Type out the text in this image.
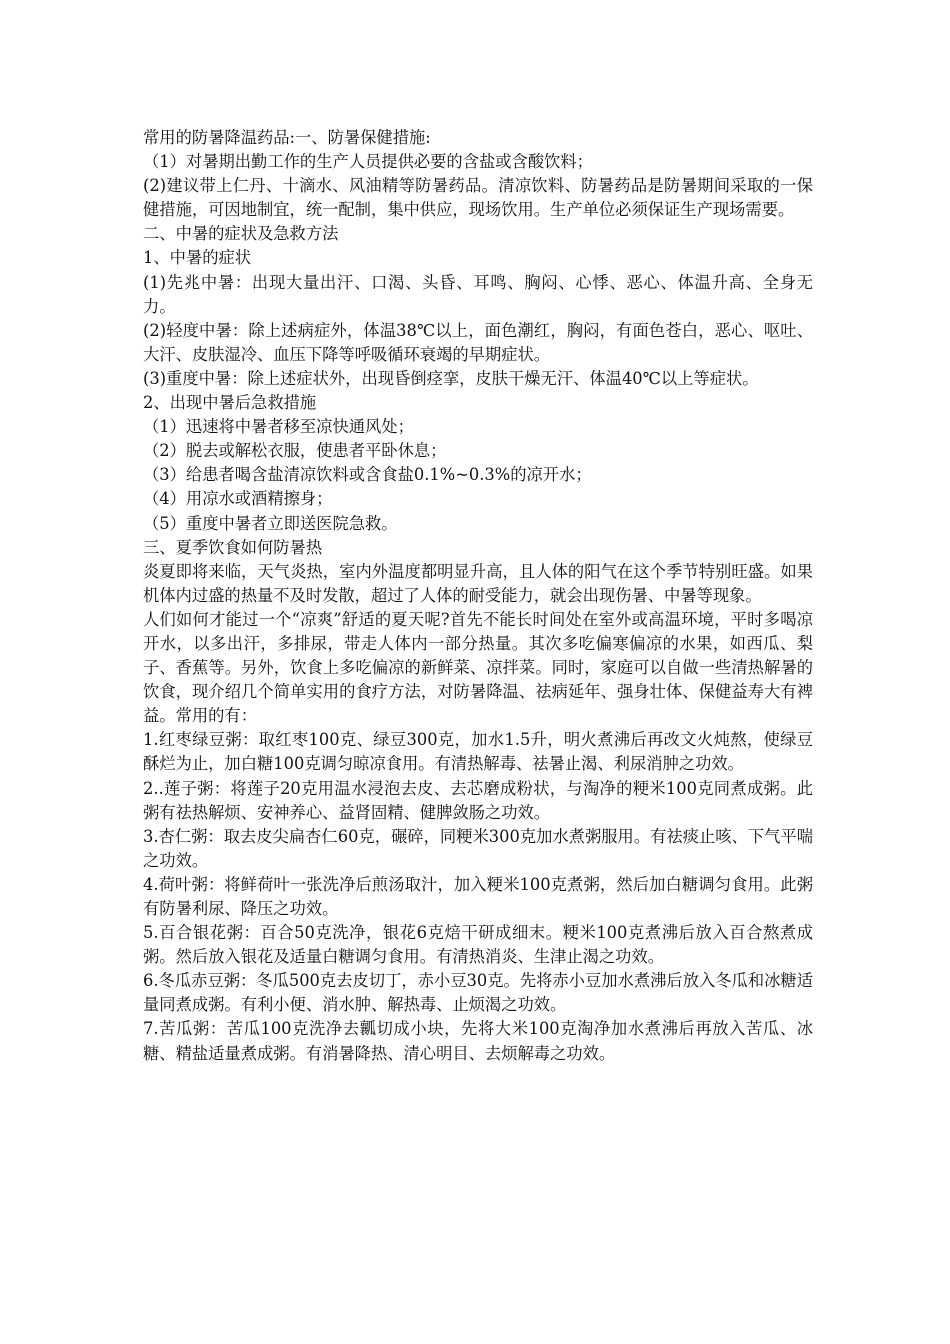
常用的防暑降温药品:一、防暑保健措施:

（1）对暑期出勤工作的生产人员提供必要的含盐或含酸饮料；

(2)建议带上仁丹、十滴水、风油精等防暑药品。清凉饮料、防暑药品是防暑期间采取的一保健措施，可因地制宜，统一配制，集中供应，现场饮用。生产单位必须保证生产现场需要。

二、中暑的症状及急救方法

1、中暑的症状

(1)先兆中暑：出现大量出汗、口渴、头昏、耳鸣、胸闷、心悸、恶心、体温升高、全身无力。

(2)轻度中暑：除上述病症外，体温38℃以上，面色潮红，胸闷，有面色苍白，恶心、呕吐、大汗、皮肤湿冷、血压下降等呼吸循环衰竭的早期症状。

(3)重度中暑：除上述症状外，出现昏倒痉挛，皮肤干燥无汗、体温40℃以上等症状。

2、出现中暑后急救措施

（1）迅速将中暑者移至凉快通风处；

（2）脱去或解松衣服，使患者平卧休息；

（3）给患者喝含盐清凉饮料或含食盐0.1%~0.3%的凉开水；

（4）用凉水或酒精擦身；

（5）重度中暑者立即送医院急救。

三、夏季饮食如何防暑热

炎夏即将来临，天气炎热，室内外温度都明显升高，且人体的阳气在这个季节特别旺盛。如果机体内过盛的热量不及时发散，超过了人体的耐受能力，就会出现伤暑、中暑等现象。

人们如何才能过一个“凉爽”舒适的夏天呢?首先不能长时间处在室外或高温环境，平时多喝凉开水，以多出汗，多排尿，带走人体内一部分热量。其次多吃偏寒偏凉的水果，如西瓜、梨子、香蕉等。另外，饮食上多吃偏凉的新鲜菜、凉拌菜。同时，家庭可以自做一些清热解暑的饮食，现介绍几个简单实用的食疗方法，对防暑降温、祛病延年、强身壮体、保健益寿大有裨益。常用的有：

1.红枣绿豆粥：取红枣100克、绿豆300克，加水1.5升，明火煮沸后再改文火炖熬，使绿豆酥烂为止，加白糖100克调匀晾凉食用。有清热解毒、祛暑止渴、利尿消肿之功效。

2..莲子粥：将莲子20克用温水浸泡去皮、去芯磨成粉状，与淘净的粳米100克同煮成粥。此粥有祛热解烦、安神养心、益肾固精、健脾敛肠之功效。

3.杏仁粥：取去皮尖扁杏仁60克，碾碎，同粳米300克加水煮粥服用。有祛痰止咳、下气平喘之功效。

4.荷叶粥：将鲜荷叶一张洗净后煎汤取汁，加入粳米100克煮粥，然后加白糖调匀食用。此粥有防暑利尿、降压之功效。

5.百合银花粥：百合50克洗净，银花6克焙干研成细末。粳米100克煮沸后放入百合熬煮成粥。然后放入银花及适量白糖调匀食用。有清热消炎、生津止渴之功效。

6.冬瓜赤豆粥：冬瓜500克去皮切丁，赤小豆30克。先将赤小豆加水煮沸后放入冬瓜和冰糖适量同煮成粥。有利小便、消水肿、解热毒、止烦渴之功效。

7.苦瓜粥：苦瓜100克洗净去瓤切成小块，先将大米100克淘净加水煮沸后再放入苦瓜、冰糖、精盐适量煮成粥。有消暑降热、清心明目、去烦解毒之功效。
